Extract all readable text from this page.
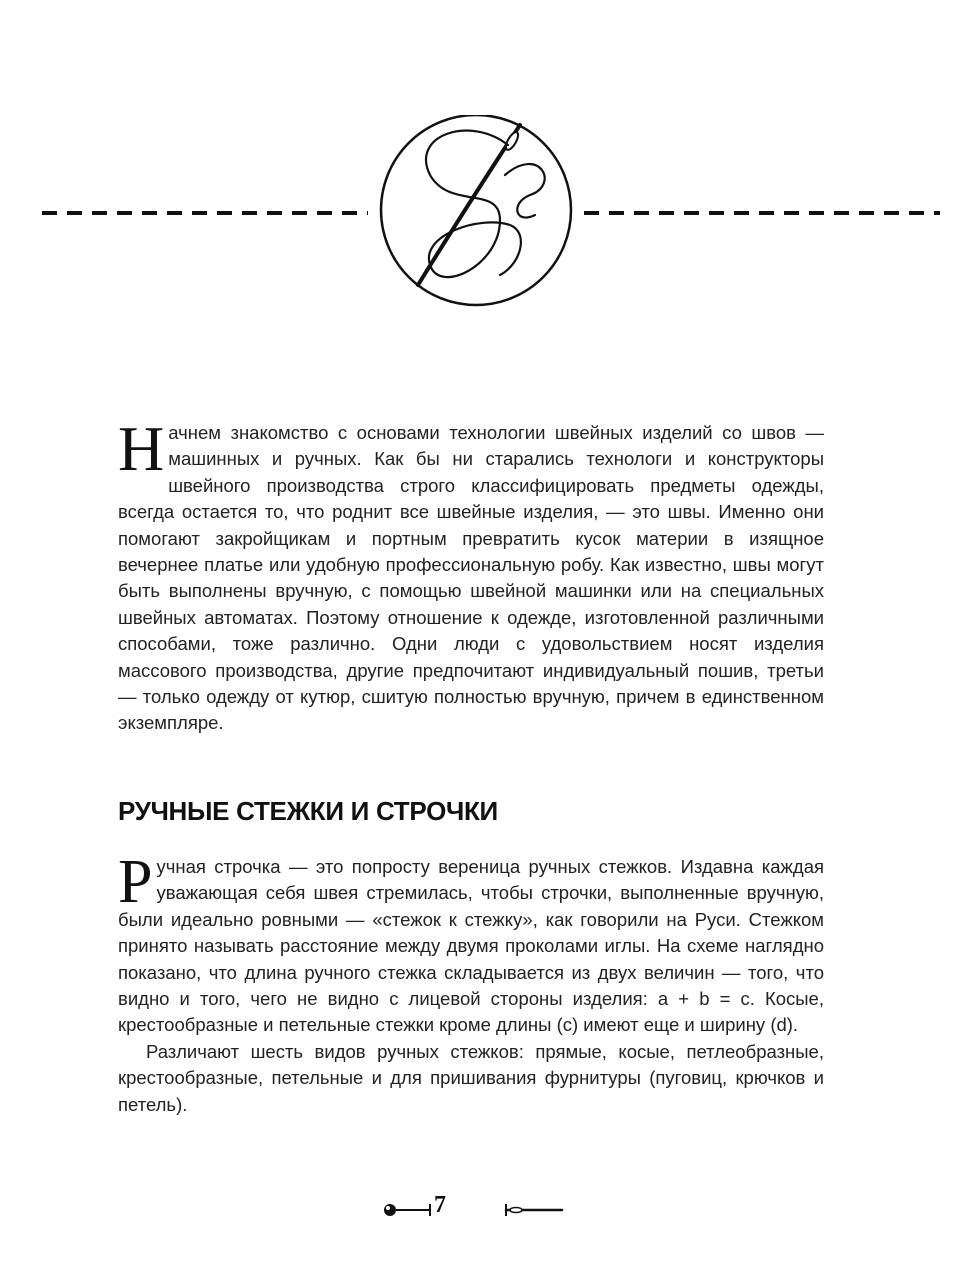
Начнем знакомство с основами технологии швейных изделий со швов — машинных и ручных. Как бы ни старались технологи и конструкторы швейного производства строго классифицировать предметы одежды, всегда остается то, что роднит все швейные изделия, — это швы. Именно они помогают закройщикам и портным превратить кусок материи в изящное вечернее платье или удобную профессиональную робу. Как известно, швы могут быть выполнены вручную, с помощью швейной машинки или на специальных швейных автоматах. Поэтому отношение к одежде, изготовленной различными способами, тоже различно. Одни люди с удовольствием носят изделия массового производства, другие предпочитают индивидуальный пошив, третьи — только одежду от кутюр, сшитую полностью вручную, причем в единственном экземпляре.

РУЧНЫЕ СТЕЖКИ И СТРОЧКИ

Ручная строчка — это попросту вереница ручных стежков. Издавна каждая уважающая себя швея стремилась, чтобы строчки, выполненные вручную, были идеально ровными — «стежок к стежку», как говорили на Руси. Стежком принято называть расстояние между двумя проколами иглы. На схеме наглядно показано, что длина ручного стежка складывается из двух величин — того, что видно и того, чего не видно с лицевой стороны изделия: a + b = c. Косые, крестообразные и петельные стежки кроме длины (c) имеют еще и ширину (d).

Различают шесть видов ручных стежков: прямые, косые, петлеобразные, крестообразные, петельные и для пришивания фурнитуры (пуговиц, крючков и петель).

7
